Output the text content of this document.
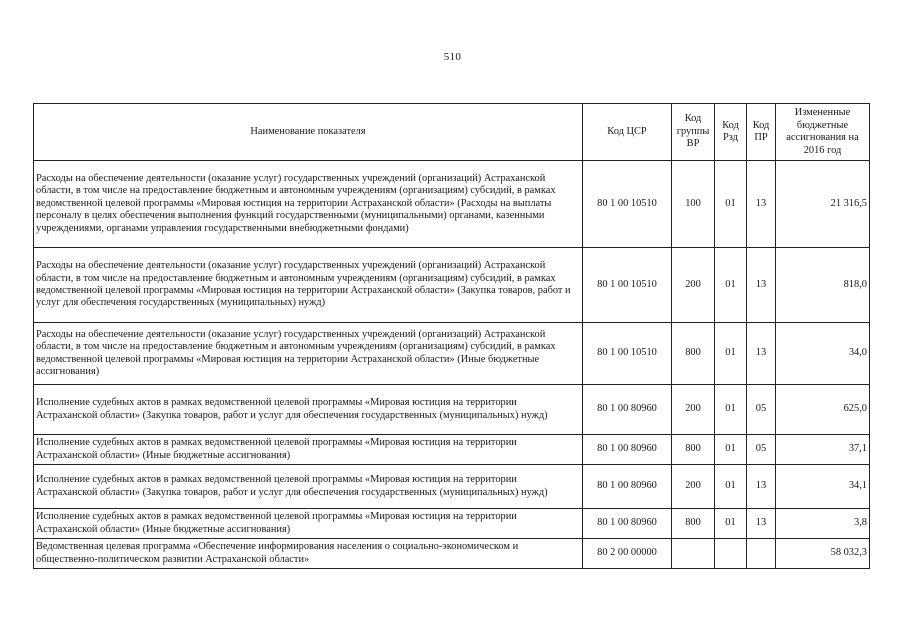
510
Наименование показателя	Код ЦСР	Код группы ВР	Код Рзд	Код ПР	Измененные бюджетные ассигнования на 2016 год
Расходы на обеспечение деятельности (оказание услуг) государственных учреждений (организаций) Астраханской области, в том числе на предоставление бюджетным и автономным учреждениям (организациям) субсидий, в рамках ведомственной целевой программы «Мировая юстиция на территории Астраханской области» (Расходы на выплаты персоналу в целях обеспечения выполнения функций государственными (муниципальными) органами, казенными учреждениями, органами управления государственными внебюджетными фондами)	80 1 00 10510	100	01	13	21 316,5
Расходы на обеспечение деятельности (оказание услуг) государственных учреждений (организаций) Астраханской области, в том числе на предоставление бюджетным и автономным учреждениям (организациям) субсидий, в рамках ведомственной целевой программы «Мировая юстиция на территории Астраханской области» (Закупка товаров, работ и услуг для обеспечения государственных (муниципальных) нужд)	80 1 00 10510	200	01	13	818,0
Расходы на обеспечение деятельности (оказание услуг) государственных учреждений (организаций) Астраханской области, в том числе на предоставление бюджетным и автономным учреждениям (организациям) субсидий, в рамках ведомственной целевой программы «Мировая юстиция на территории Астраханской области» (Иные бюджетные ассигнования)	80 1 00 10510	800	01	13	34,0
Исполнение судебных актов в рамках ведомственной целевой программы «Мировая юстиция на территории Астраханской области» (Закупка товаров, работ и услуг для обеспечения государственных (муниципальных) нужд)	80 1 00 80960	200	01	05	625,0
Исполнение судебных актов в рамках ведомственной целевой программы «Мировая юстиция на территории Астраханской области» (Иные бюджетные ассигнования)	80 1 00 80960	800	01	05	37,1
Исполнение судебных актов в рамках ведомственной целевой программы «Мировая юстиция на территории Астраханской области» (Закупка товаров, работ и услуг для обеспечения государственных (муниципальных) нужд)	80 1 00 80960	200	01	13	34,1
Исполнение судебных актов в рамках ведомственной целевой программы «Мировая юстиция на территории Астраханской области» (Иные бюджетные ассигнования)	80 1 00 80960	800	01	13	3,8
Ведомственная целевая программа «Обеспечение информирования населения о социально-экономическом и общественно-политическом развитии Астраханской области»	80 2 00 00000				58 032,3
